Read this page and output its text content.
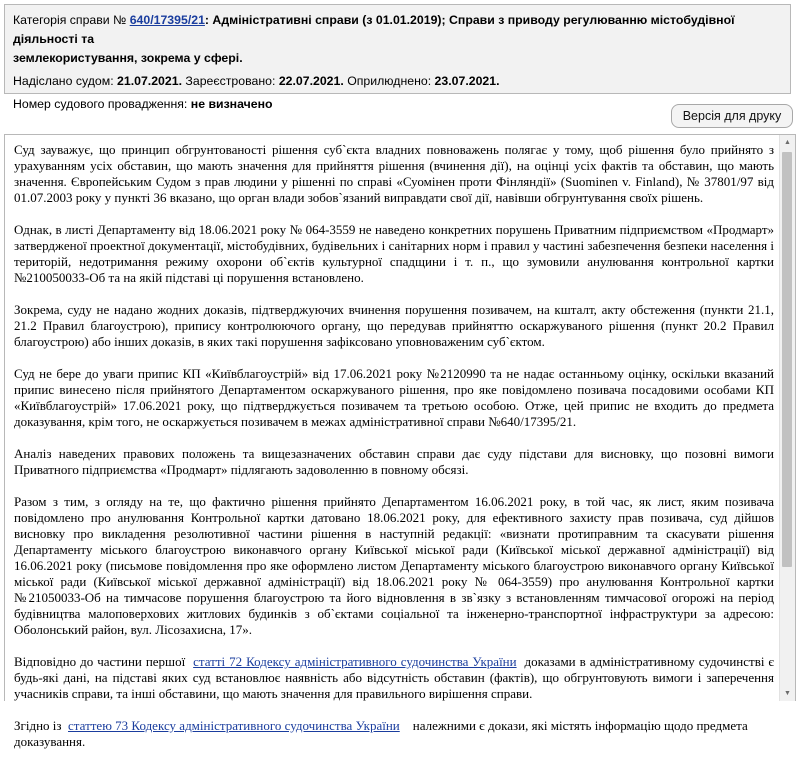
Категорія справи № 640/17395/21: Адміністративні справи (з 01.01.2019); Справи з приводу регулюванню містобудівної діяльності та
землекористування, зокрема у сфері.
Надіслано судом: 21.07.2021. Зареєстровано: 22.07.2021. Оприлюднено: 23.07.2021.
Номер судового провадження: не визначено
Версія для друку

Суд зауважує, що принцип обгрунтованості рішення суб`єкта владних повноважень полягає у тому, щоб рішення було прийнято з урахуванням усіх обставин, що мають значення для прийняття рішення (вчинення дії), на оцінці усіх фактів та обставин, що мають значення. Європейським Судом з прав людини у рішенні по справі «Суомінен проти Фінляндії» (Suominen v. Finland), № 37801/97 від 01.07.2003 року у пункті 36 вказано, що орган влади зобов`язаний виправдати свої дії, навівши обгрунтування своїх рішень.

Однак, в листі Департаменту від 18.06.2021 року № 064-3559 не наведено конкретних порушень Приватним підприємством «Продмарт» затвердженої проектної документації, містобудівних, будівельних і санітарних норм і правил у частині забезпечення безпеки населення і територій, недотримання режиму охорони об`єктів культурної спадщини і т. п., що зумовили анулювання контрольної картки №210050033-Об та на якій підставі ці порушення встановлено.

Зокрема, суду не надано жодних доказів, підтверджуючих вчинення порушення позивачем, на кшталт, акту обстеження (пункти 21.1, 21.2 Правил благоустрою), припису контролюючого органу, що передував прийняттю оскаржуваного рішення (пункт 20.2 Правил благоустрою) або інших доказів, в яких такі порушення зафіксовано уповноваженим суб`єктом.

Суд не бере до уваги припис КП «Київблагоустрій» від 17.06.2021 року №2120990 та не надає останньому оцінку, оскільки вказаний припис винесено після прийнятого Департаментом оскаржуваного рішення, про яке повідомлено позивача посадовими особами КП «Київблагоустрій» 17.06.2021 року, що підтверджується позивачем та третьою особою. Отже, цей припис не входить до предмета доказування, крім того, не оскаржується позивачем в межах адміністративної справи №640/17395/21.

Аналіз наведених правових положень та вищезазначених обставин справи дає суду підстави для висновку, що позовні вимоги Приватного підприємства «Продмарт» підлягають задоволенню в повному обсязі.

Разом з тим, з огляду на те, що фактично рішення прийнято Департаментом 16.06.2021 року, в той час, як лист, яким позивача повідомлено про анулювання Контрольної картки датовано 18.06.2021 року, для ефективного захисту прав позивача, суд дійшов висновку про викладення резолютивної частини рішення в наступній редакції: «визнати протиправним та скасувати рішення Департаменту міського благоустрою виконавчого органу Київської міської ради (Київської міської державної адміністрації) від 16.06.2021 року (письмове повідомлення про яке оформлено листом Департаменту міського благоустрою виконавчого органу Київської міської ради (Київської міської державної адміністрації) від 18.06.2021 року № 064-3559) про анулювання Контрольної картки №21050033-Об на тимчасове порушення благоустрою та його відновлення в зв`язку з встановленням тимчасової огорожі на період будівництва малоповерхових житлових будинків з об`єктами соціальної та інженерно-транспортної інфраструктури за адресою: Оболонський район, вул. Лісозахисна, 17».

Відповідно до частини першої  статті 72 Кодексу адміністративного судочинства України  доказами в адміністративному судочинстві є будь-які дані, на підставі яких суд встановлює наявність або відсутність обставин (фактів), що обгрунтовують вимоги і заперечення учасників справи, та інші обставини, що мають значення для правильного вирішення справи.

Згідно із  статтею 73 Кодексу адміністративного судочинства України    належними є докази, які містять інформацію щодо предмета доказування.

▲
▼
